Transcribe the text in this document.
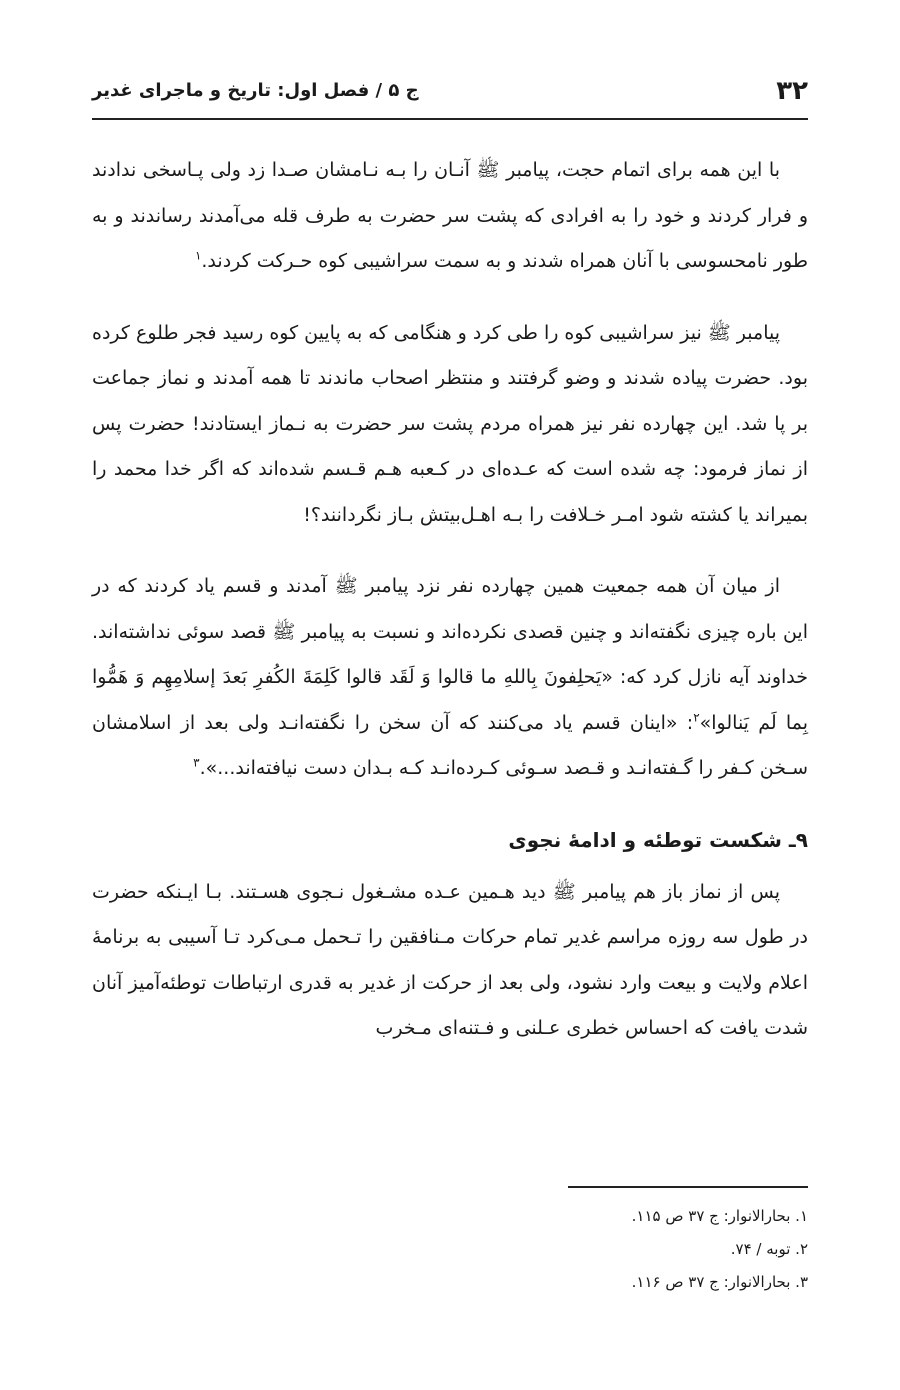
۳۲
ج ۵ / فصل اول: تاریخ و ماجرای غدیر

با این همه برای اتمام حجت، پیامبر ﷺ آنـان را بـه نـامشان صـدا زد ولی پـاسخی ندادند و فرار کردند و خود را به افرادی که پشت سر حضرت به طرف قله می‌آمدند رساندند و به طور نامحسوسی با آنان همراه شدند و به سمت سراشیبی کوه حـرکت کردند.$^۱$

پیامبر ﷺ نیز سراشیبی کوه را طی کرد و هنگامی که به پایین کوه رسید فجر طلوع کرده بود. حضرت پیاده شدند و وضو گرفتند و منتظر اصحاب ماندند تا همه آمدند و نماز جماعت بر پا شد. این چهارده نفر نیز همراه مردم پشت سر حضرت به نـماز ایستادند! حضرت پس از نماز فرمود: چه شده است که عـده‌ای در کـعبه هـم قـسم شده‌اند که اگر خدا محمد را بمیراند یا کشته شود امـر خـلافت را بـه اهـل‌بیتش بـاز نگردانند؟!

از میان آن همه جمعیت همین چهارده نفر نزد پیامبر ﷺ آمدند و قسم یاد کردند که در این باره چیزی نگفته‌اند و چنین قصدی نکرده‌اند و نسبت به پیامبر ﷺ قصد سوئی نداشته‌اند. خداوند آیه نازل کرد که: «یَحلِفونَ بِاللهِ ما قالوا وَ لَقَد قالوا کَلِمَةَ الکُفرِ بَعدَ إسلامِهِم وَ هَمُّوا بِما لَم یَنالوا»$^۲$: «اینان قسم یاد می‌کنند که آن سخن را نگفته‌انـد ولی بعد از اسلامشان سـخن کـفر را گـفته‌انـد و قـصد سـوئی کـرده‌انـد کـه بـدان دست نیافته‌اند...».$^۳$

۹ـ شکست توطئه و ادامهٔ نجوی

پس از نماز باز هم پیامبر ﷺ دید هـمین عـده مشـغول نـجوی هسـتند. بـا ایـنکه حضرت در طول سه روزه مراسم غدیر تمام حرکات مـنافقین را تـحمل مـی‌کرد تـا آسیبی به برنامهٔ اعلام ولایت و بیعت وارد نشود، ولی بعد از حرکت از غدیر به قدری ارتباطات توطئه‌آمیز آنان شدت یافت که احساس خطری عـلنی و فـتنه‌ای مـخرب

۱. بحارالانوار: ج ۳۷ ص ۱۱۵.

۲. توبه / ۷۴.

۳. بحارالانوار: ج ۳۷ ص ۱۱۶.
